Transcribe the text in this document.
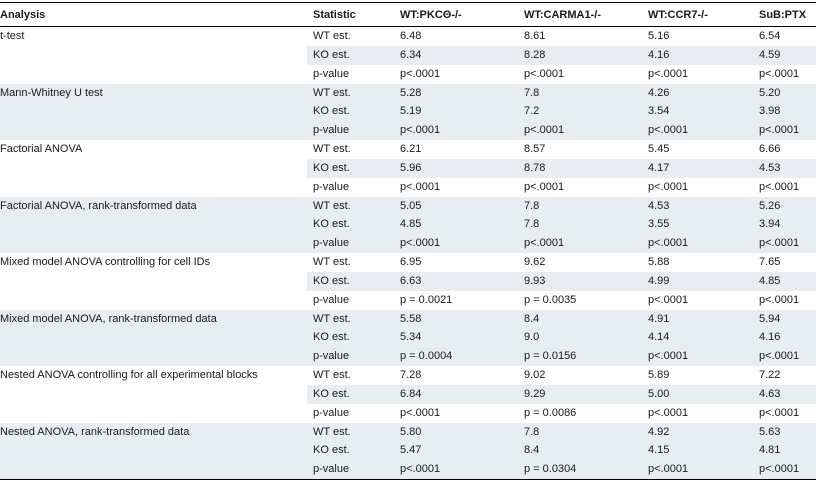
Analysis	Statistic	WT:PKCΘ-/-	WT:CARMA1-/-	WT:CCR7-/-	SuB:PTX
t-test	WT est.	6.48	8.61	5.16	6.54
KO est.	6.34	8.28	4.16	4.59
p-value	p<.0001	p<.0001	p<.0001	p<.0001
Mann-Whitney U test	WT est.	5.28	7.8	4.26	5.20
KO est.	5.19	7.2	3.54	3.98
p-value	p<.0001	p<.0001	p<.0001	p<.0001
Factorial ANOVA	WT est.	6.21	8.57	5.45	6.66
KO est.	5.96	8.78	4.17	4.53
p-value	p<.0001	p<.0001	p<.0001	p<.0001
Factorial ANOVA, rank-transformed data	WT est.	5.05	7.8	4.53	5.26
KO est.	4.85	7.8	3.55	3.94
p-value	p<.0001	p<.0001	p<.0001	p<.0001
Mixed model ANOVA controlling for cell IDs	WT est.	6.95	9.62	5.88	7.65
KO est.	6.63	9.93	4.99	4.85
p-value	p = 0.0021	p = 0.0035	p<.0001	p<.0001
Mixed model ANOVA, rank-transformed data	WT est.	5.58	8.4	4.91	5.94
KO est.	5.34	9.0	4.14	4.16
p-value	p = 0.0004	p = 0.0156	p<.0001	p<.0001
Nested ANOVA controlling for all experimental blocks	WT est.	7.28	9.02	5.89	7.22
KO est.	6.84	9.29	5.00	4.63
p-value	p<.0001	p = 0.0086	p<.0001	p<.0001
Nested ANOVA, rank-transformed data	WT est.	5.80	7.8	4.92	5.63
KO est.	5.47	8.4	4.15	4.81
p-value	p<.0001	p = 0.0304	p<.0001	p<.0001
